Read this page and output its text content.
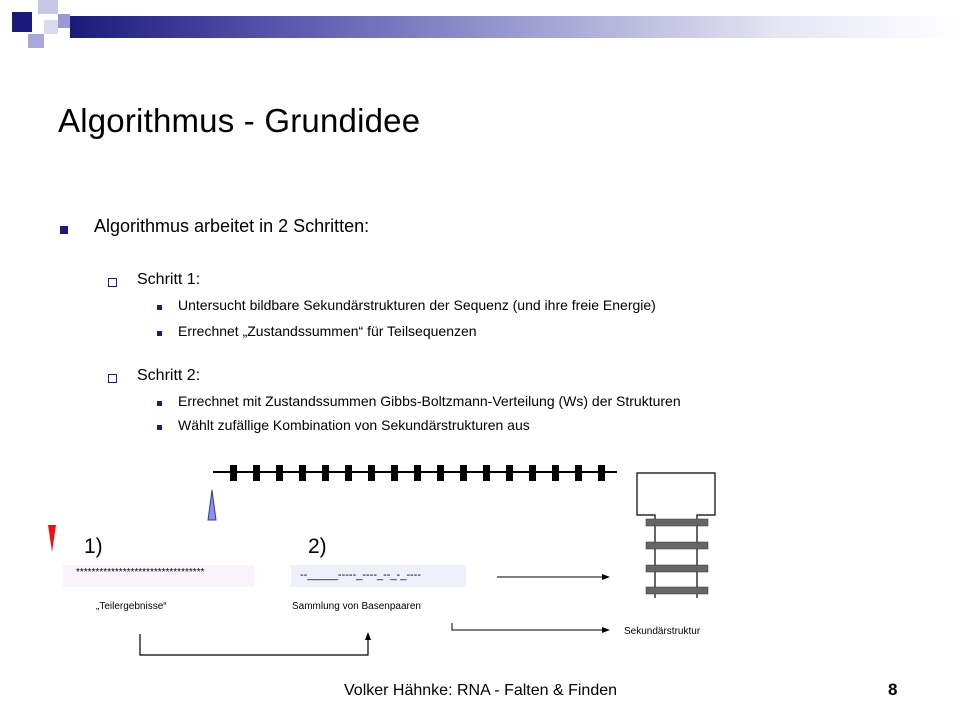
Algorithmus - Grundidee
Algorithmus arbeitet in 2 Schritten:
Schritt 1:
Untersucht bildbare Sekundärstrukturen der Sequenz (und ihre freie Energie)
Errechnet „Zustandssummen“ für Teilsequenzen
Schritt 2:
Errechnet mit Zustandssummen Gibbs-Boltzmann-Verteilung (Ws) der Strukturen
Wählt zufällige Kombination von Sekundärstrukturen aus
1)	2)
*********************************	--_____-----_----_--_-_----
„Teilergebnisse“	Sammlung von Basenpaaren
Sekundärstruktur
Volker Hähnke: RNA - Falten & Finden	8
